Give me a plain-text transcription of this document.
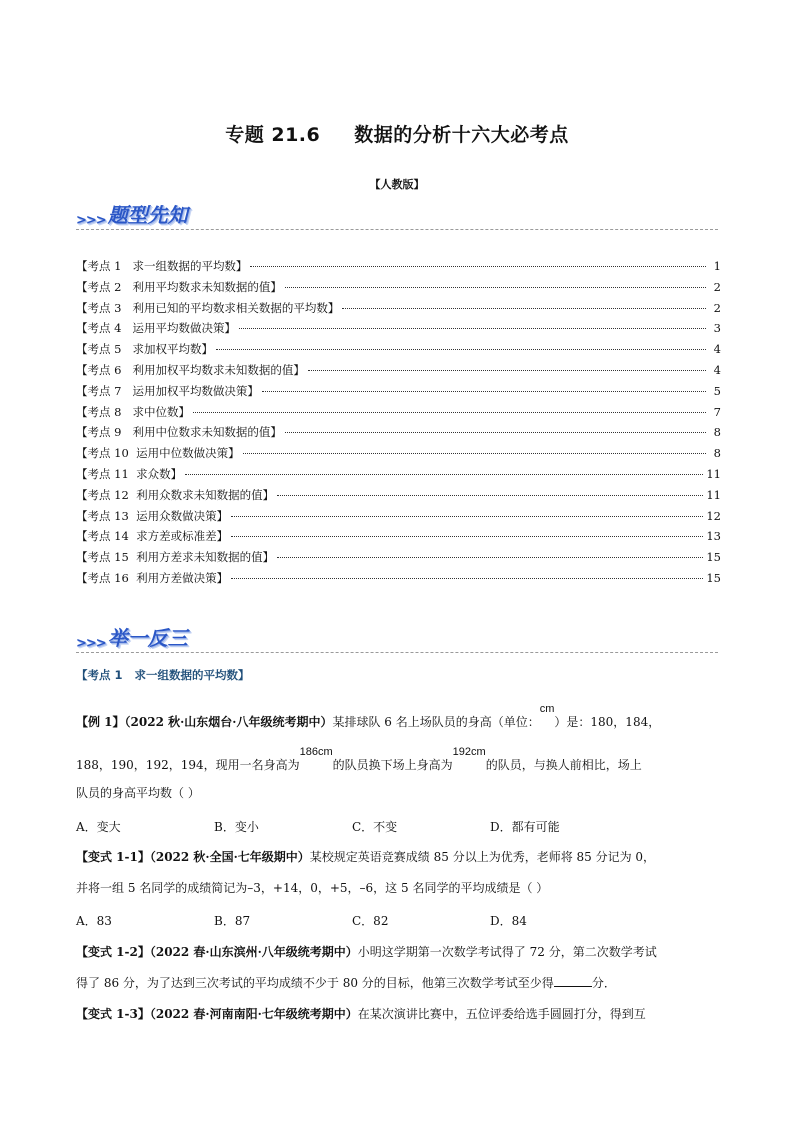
专题 21.6 数据的分析十六大必考点
【人教版】
>>> 题型先知
【考点 1   求一组数据的平均数】	1
【考点 2   利用平均数求未知数据的值】	2
【考点 3   利用已知的平均数求相关数据的平均数】	2
【考点 4   运用平均数做决策】	3
【考点 5   求加权平均数】	4
【考点 6   利用加权平均数求未知数据的值】	4
【考点 7   运用加权平均数做决策】	5
【考点 8   求中位数】	7
【考点 9   利用中位数求未知数据的值】	8
【考点 10  运用中位数做决策】	8
【考点 11  求众数】	11
【考点 12  利用众数求未知数据的值】	11
【考点 13  运用众数做决策】	12
【考点 14  求方差或标准差】	13
【考点 15  利用方差求未知数据的值】	15
【考点 16  利用方差做决策】	15
>>> 举一反三
【考点 1 求一组数据的平均数】
【例 1】（2022 秋·山东烟台·八年级统考期中）某排球队 6 名上场队员的身高（单位：cm）是：180，184，
188，190，192，194，现用一名身高为186cm的队员换下场上身高为192cm的队员，与换人前相比，场上
队员的身高平均数（ ）
A．变大	B．变小	C．不变	D．都有可能
【变式 1-1】（2022 秋·全国·七年级期中）某校规定英语竞赛成绩 85 分以上为优秀，老师将 85 分记为 0，
并将一组 5 名同学的成绩简记为–3，+14，0，+5，–6，这 5 名同学的平均成绩是（ ）
A．83	B．87	C．82	D．84
【变式 1-2】（2022 春·山东滨州·八年级统考期中）小明这学期第一次数学考试得了 72 分，第二次数学考试
得了 86 分，为了达到三次考试的平均成绩不少于 80 分的目标，他第三次数学考试至少得	分．
【变式 1-3】（2022 春·河南南阳·七年级统考期中）在某次演讲比赛中，五位评委给选手圆圆打分，得到互
